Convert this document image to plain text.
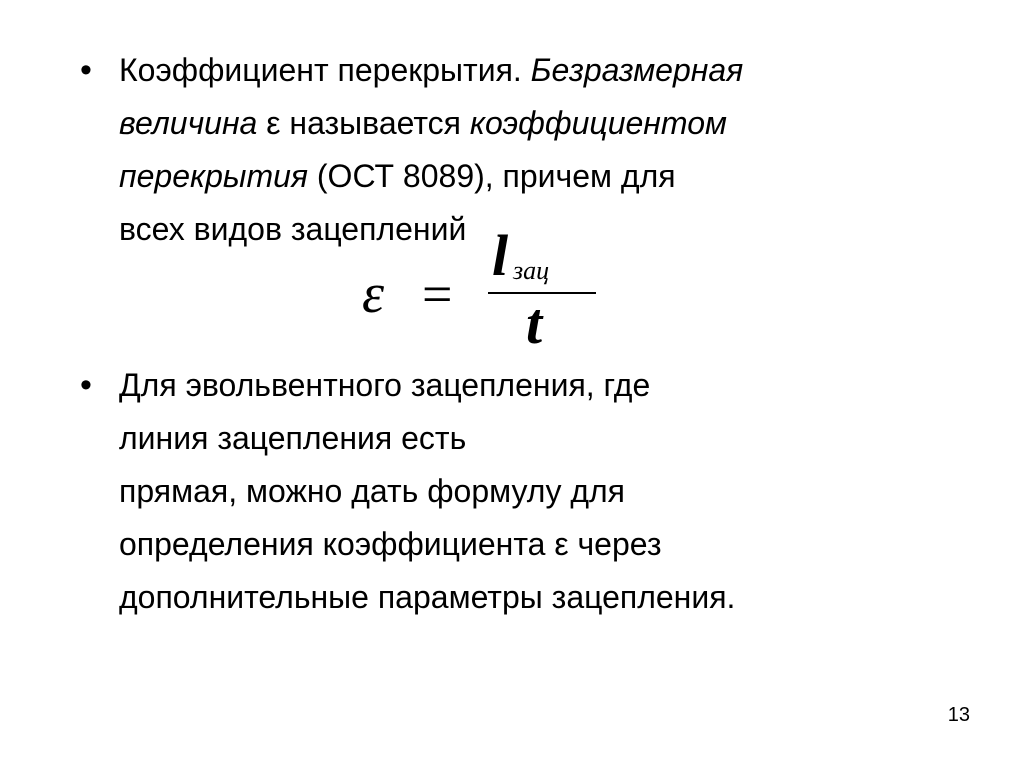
• Коэффициент перекрытия. Безразмерная
величина ε называется коэффициентом
перекрытия (ОСТ 8089), причем для
всех видов зацеплений
ε =
l зац
t
• Для эвольвентного зацепления, где
линия зацепления есть
прямая, можно дать формулу для
определения коэффициента ε через
дополнительные параметры зацепления.
13
